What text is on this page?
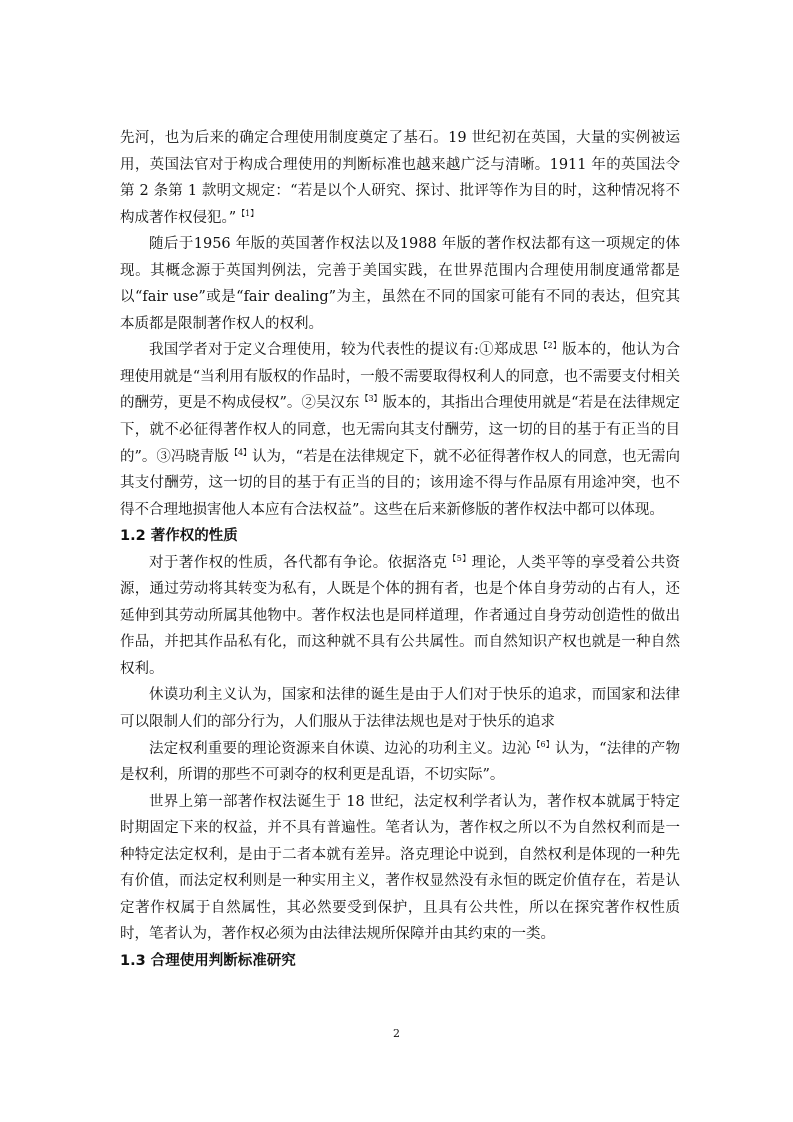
先河，也为后来的确定合理使用制度奠定了基石。19 世纪初在英国，大量的实例被运用，英国法官对于构成合理使用的判断标准也越来越广泛与清晰。1911 年的英国法令第 2 条第 1 款明文规定：“若是以个人研究、探讨、批评等作为目的时，这种情况将不构成著作权侵犯。”$^{【1】}$

随后于1956 年版的英国著作权法以及1988 年版的著作权法都有这一项规定的体现。其概念源于英国判例法，完善于美国实践，在世界范围内合理使用制度通常都是以“fair use”或是“fair dealing”为主，虽然在不同的国家可能有不同的表达，但究其本质都是限制著作权人的权利。

我国学者对于定义合理使用，较为代表性的提议有:①郑成思$^{【2】}$版本的，他认为合理使用就是“当利用有版权的作品时，一般不需要取得权利人的同意，也不需要支付相关的酬劳，更是不构成侵权”。②吴汉东$^{【3】}$版本的，其指出合理使用就是“若是在法律规定下，就不必征得著作权人的同意，也无需向其支付酬劳，这一切的目的基于有正当的目的”。③冯晓青版$^{【4】}$认为，“若是在法律规定下，就不必征得著作权人的同意，也无需向其支付酬劳，这一切的目的基于有正当的目的；该用途不得与作品原有用途冲突，也不得不合理地损害他人本应有合法权益”。这些在后来新修版的著作权法中都可以体现。

1.2 著作权的性质

对于著作权的性质，各代都有争论。依据洛克$^{【5】}$理论，人类平等的享受着公共资源，通过劳动将其转变为私有，人既是个体的拥有者，也是个体自身劳动的占有人，还延伸到其劳动所属其他物中。著作权法也是同样道理，作者通过自身劳动创造性的做出作品，并把其作品私有化，而这种就不具有公共属性。而自然知识产权也就是一种自然权利。

休谟功利主义认为，国家和法律的诞生是由于人们对于快乐的追求，而国家和法律可以限制人们的部分行为，人们服从于法律法规也是对于快乐的追求

法定权利重要的理论资源来自休谟、边沁的功利主义。边沁$^{【6】}$认为，“法律的产物是权利，所谓的那些不可剥夺的权利更是乱语，不切实际”。

世界上第一部著作权法诞生于 18 世纪，法定权利学者认为，著作权本就属于特定时期固定下来的权益，并不具有普遍性。笔者认为，著作权之所以不为自然权利而是一种特定法定权利，是由于二者本就有差异。洛克理论中说到，自然权利是体现的一种先有价值，而法定权利则是一种实用主义，著作权显然没有永恒的既定价值存在，若是认定著作权属于自然属性，其必然要受到保护，且具有公共性，所以在探究著作权性质时，笔者认为，著作权必须为由法律法规所保障并由其约束的一类。

1.3 合理使用判断标准研究
2
